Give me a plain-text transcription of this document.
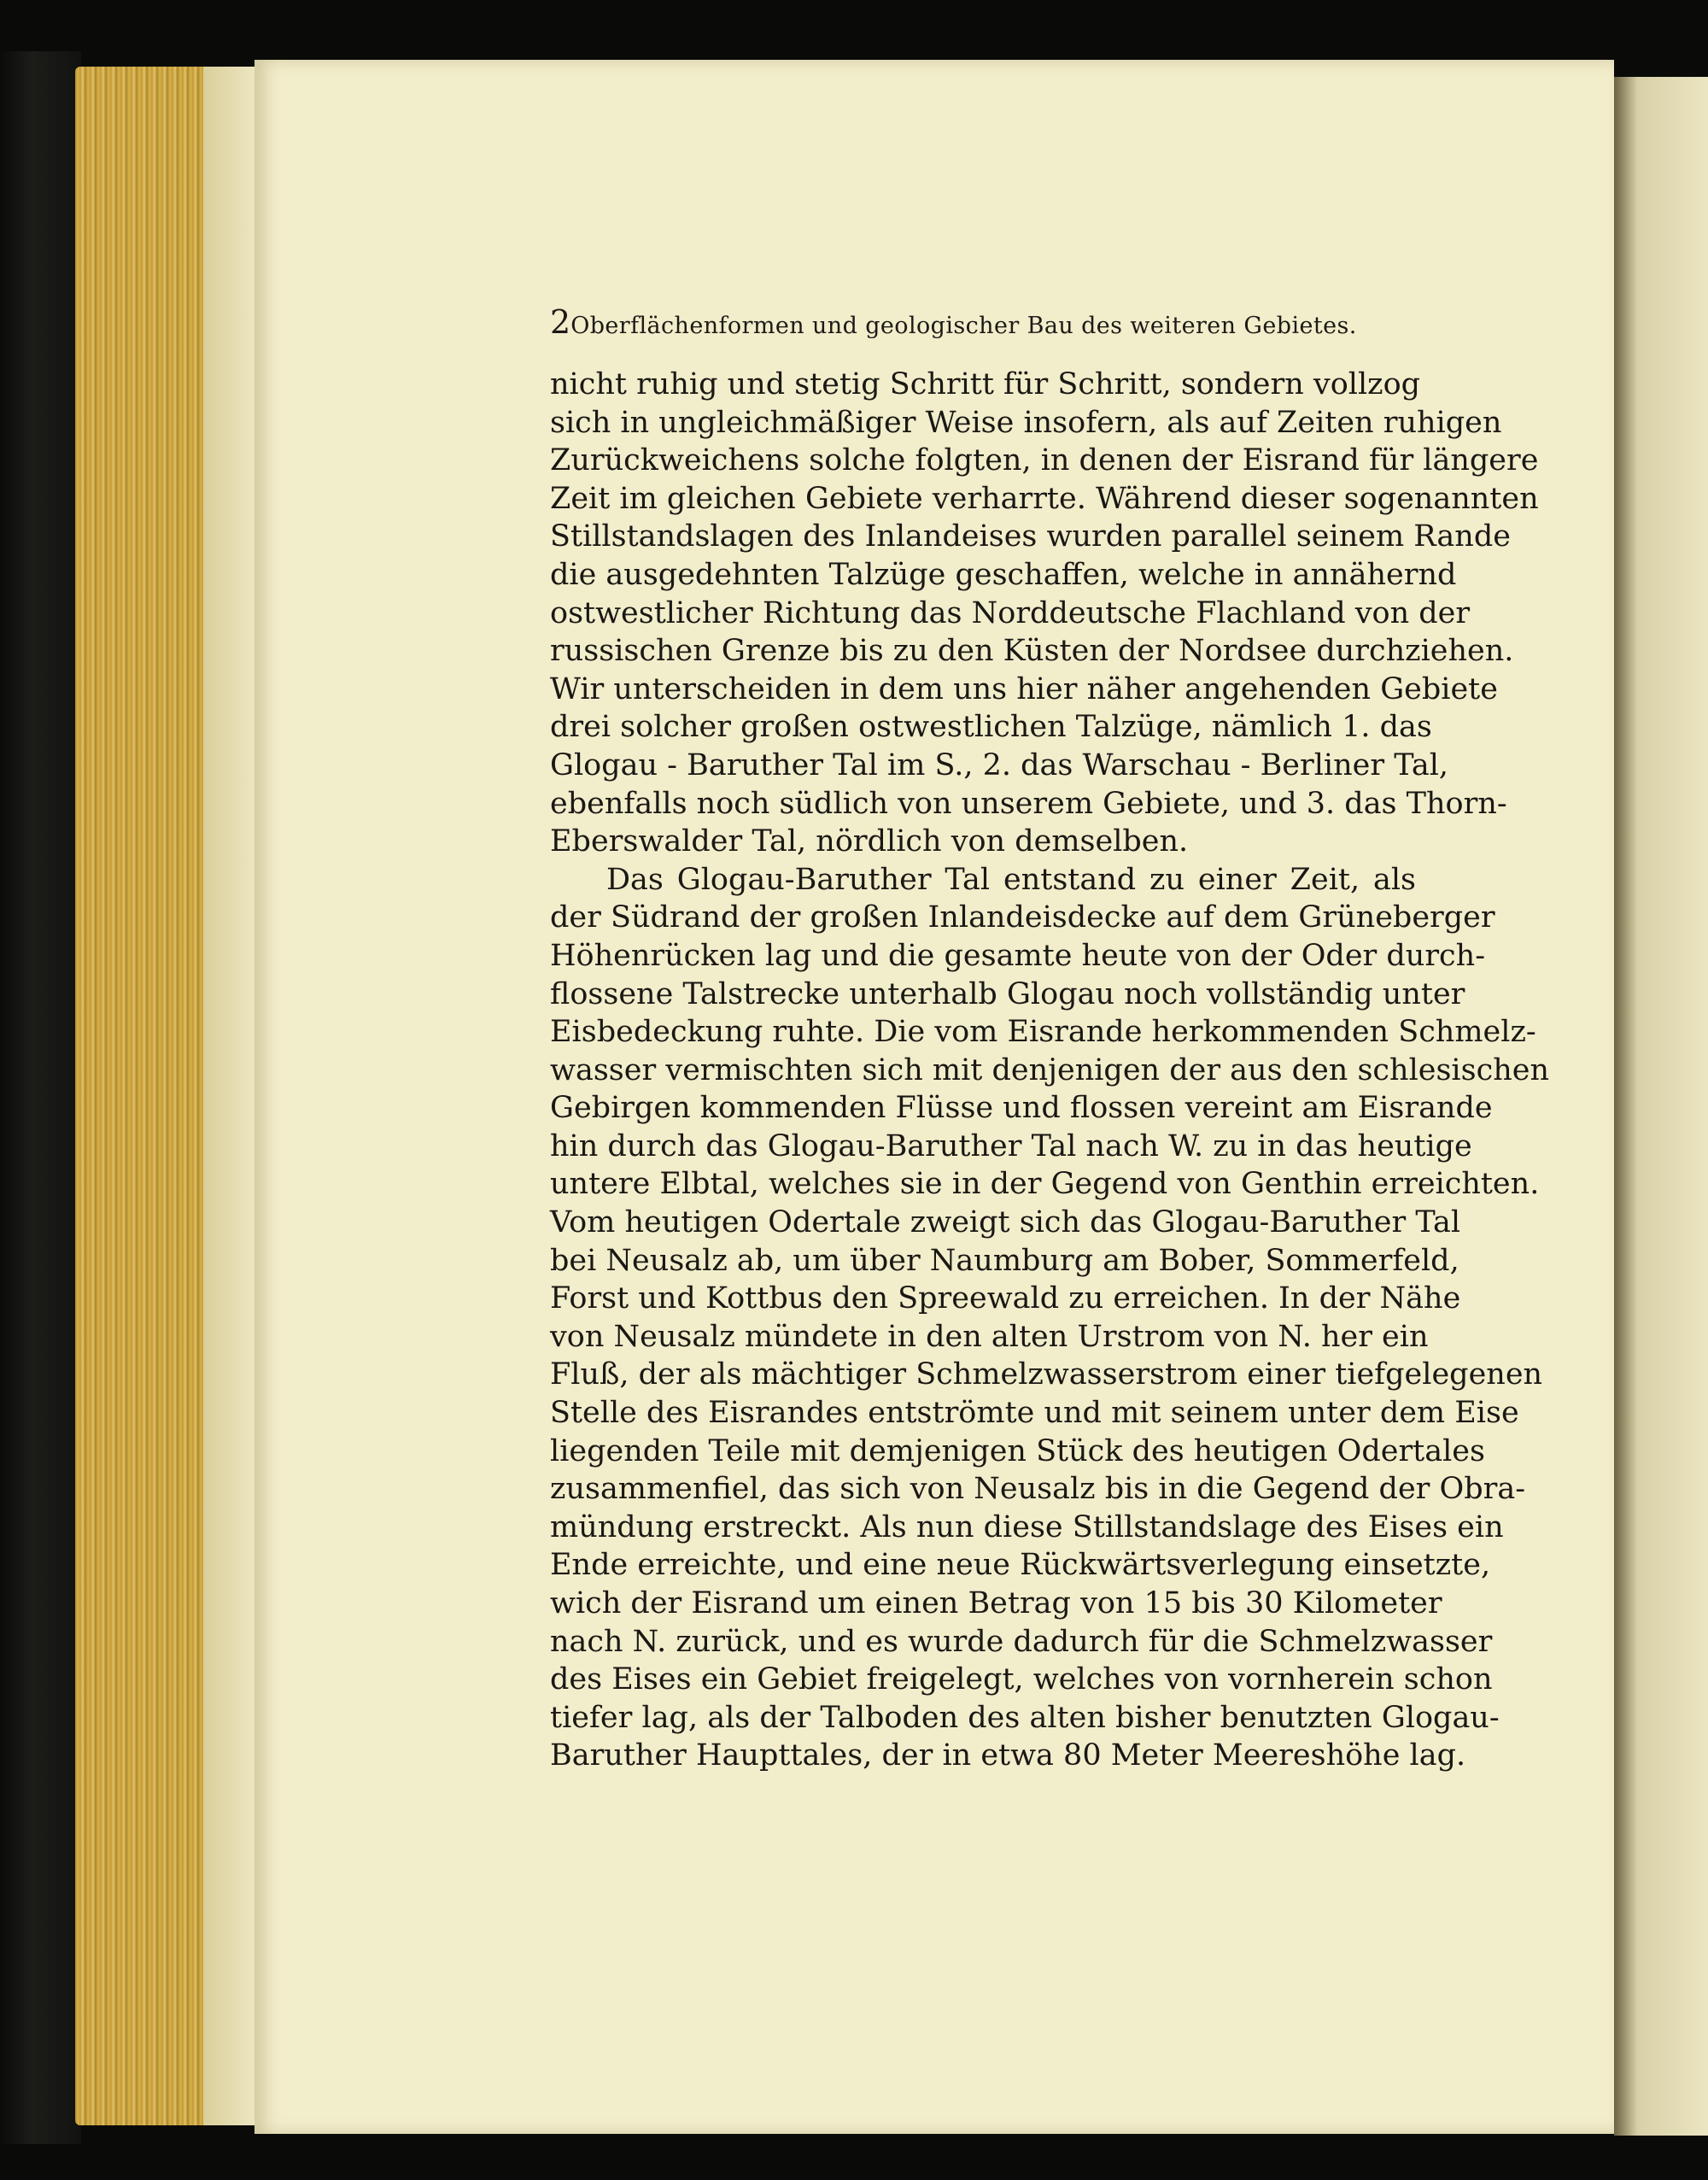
2 Oberflächenformen und geologischer Bau des weiteren Gebietes.
nicht ruhig und stetig Schritt für Schritt, sondern vollzog
sich in ungleichmäßiger Weise insofern, als auf Zeiten ruhigen
Zurückweichens solche folgten, in denen der Eisrand für längere
Zeit im gleichen Gebiete verharrte. Während dieser sogenannten
Stillstandslagen des Inlandeises wurden parallel seinem Rande
die ausgedehnten Talzüge geschaffen, welche in annähernd
ostwestlicher Richtung das Norddeutsche Flachland von der
russischen Grenze bis zu den Küsten der Nordsee durchziehen.
Wir unterscheiden in dem uns hier näher angehenden Gebiete
drei solcher großen ostwestlichen Talzüge, nämlich 1. das
Glogau - Baruther Tal im S., 2. das Warschau - Berliner Tal,
ebenfalls noch südlich von unserem Gebiete, und 3. das Thorn-
Eberswalder Tal, nördlich von demselben.
Das Glogau-Baruther Tal entstand zu einer Zeit, als
der Südrand der großen Inlandeisdecke auf dem Grüneberger
Höhenrücken lag und die gesamte heute von der Oder durch-
flossene Talstrecke unterhalb Glogau noch vollständig unter
Eisbedeckung ruhte. Die vom Eisrande herkommenden Schmelz-
wasser vermischten sich mit denjenigen der aus den schlesischen
Gebirgen kommenden Flüsse und flossen vereint am Eisrande
hin durch das Glogau-Baruther Tal nach W. zu in das heutige
untere Elbtal, welches sie in der Gegend von Genthin erreichten.
Vom heutigen Odertale zweigt sich das Glogau-Baruther Tal
bei Neusalz ab, um über Naumburg am Bober, Sommerfeld,
Forst und Kottbus den Spreewald zu erreichen. In der Nähe
von Neusalz mündete in den alten Urstrom von N. her ein
Fluß, der als mächtiger Schmelzwasserstrom einer tiefgelegenen
Stelle des Eisrandes entströmte und mit seinem unter dem Eise
liegenden Teile mit demjenigen Stück des heutigen Odertales
zusammenfiel, das sich von Neusalz bis in die Gegend der Obra-
mündung erstreckt. Als nun diese Stillstandslage des Eises ein
Ende erreichte, und eine neue Rückwärtsverlegung einsetzte,
wich der Eisrand um einen Betrag von 15 bis 30 Kilometer
nach N. zurück, und es wurde dadurch für die Schmelzwasser
des Eises ein Gebiet freigelegt, welches von vornherein schon
tiefer lag, als der Talboden des alten bisher benutzten Glogau-
Baruther Haupttales, der in etwa 80 Meter Meereshöhe lag.
